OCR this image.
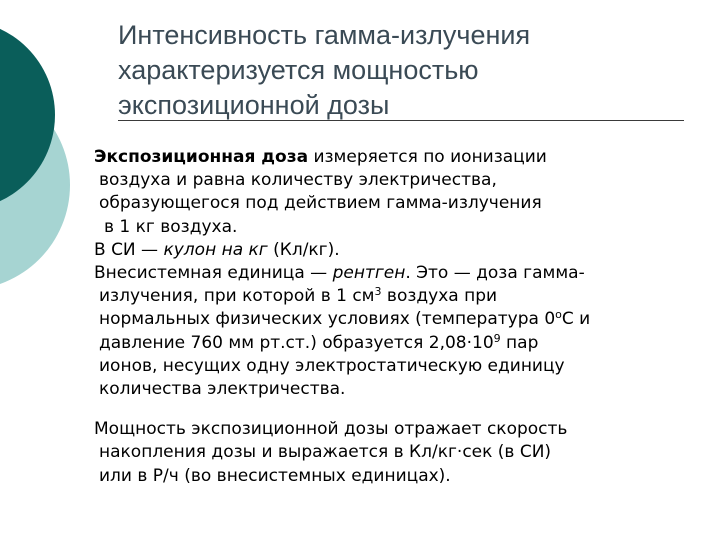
Интенсивность гамма-излучения
характеризуется мощностью
экспозиционной дозы

Экспозиционная доза измеряется по ионизации
воздуха и равна количеству электричества,
образующегося под действием гамма-излучения
в 1 кг воздуха.

В СИ — кулон на кг (Кл/кг).

Внесистемная единица — рентген. Это — доза гамма-
излучения, при которой в 1 $см^3$ воздуха при
нормальных физических условиях (температура $0^оС$ и
давление 760 мм рт.ст.) образуется $2,08\cdot 10^9$ пар
ионов, несущих одну электростатическую единицу
количества электричества.

Мощность экспозиционной дозы отражает скорость
накопления дозы и выражается в Кл/кг·сек (в СИ)
или в Р/ч (во внесистемных единицах).
